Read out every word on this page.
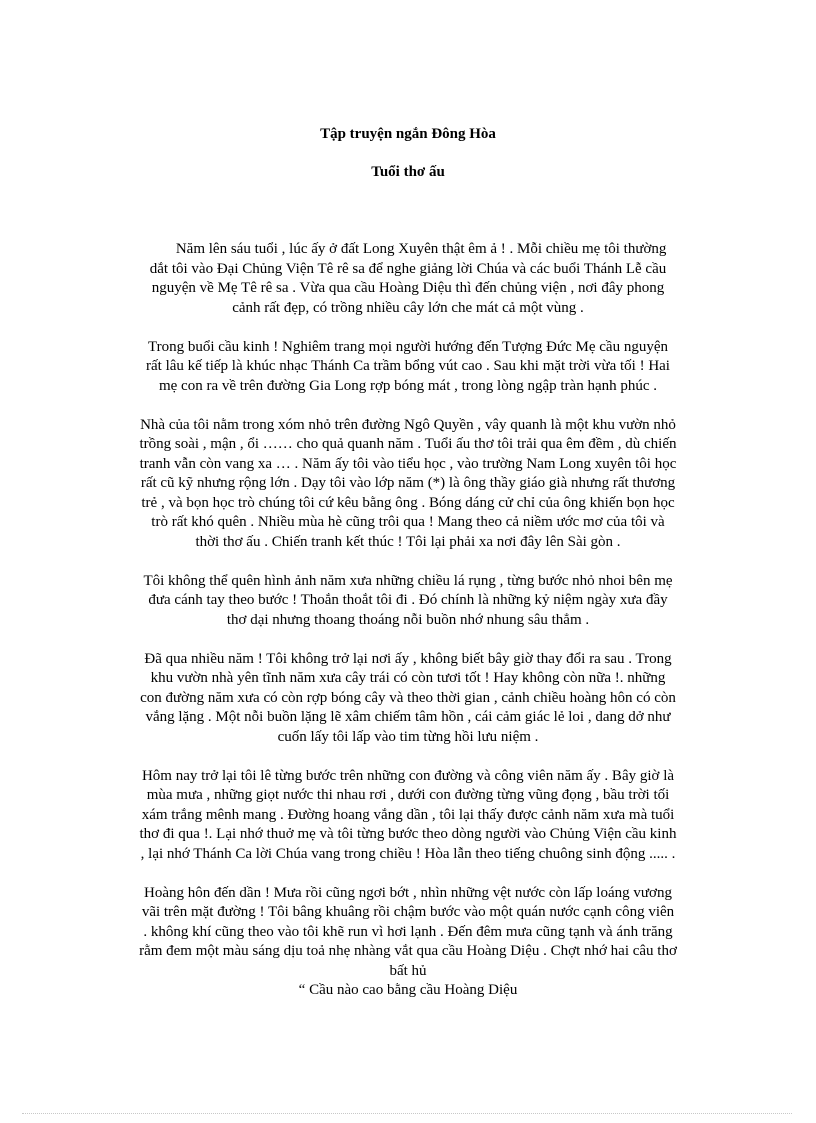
Tập truyện ngắn Đông Hòa
Tuổi thơ ấu
Năm lên sáu tuổi , lúc ấy ở đất Long Xuyên thật êm ả ! . Mỗi chiều mẹ tôi thường
dắt tôi vào Đại Chủng Viện Tê rê sa để nghe giảng lời Chúa và các buổi Thánh Lễ cầu
nguyện về Mẹ Tê rê sa . Vừa qua cầu Hoàng Diệu thì đến chủng viện , nơi đây phong
cảnh rất đẹp, có trồng nhiều cây lớn che mát cả một vùng .
Trong buổi cầu kinh ! Nghiêm trang mọi người hướng đến Tượng Đức Mẹ cầu nguyện
rất lâu kế tiếp là khúc nhạc Thánh Ca trầm bổng vút cao . Sau khi mặt trời vừa tối ! Hai
mẹ con ra về trên đường Gia Long rợp bóng mát , trong lòng ngập tràn hạnh phúc .
Nhà của tôi nằm trong xóm nhỏ trên đường Ngô Quyền , vây quanh là một khu vườn nhỏ
trồng soài , mận , ổi …… cho quả quanh năm . Tuổi ấu thơ tôi trải qua êm đềm , dù chiến
tranh vẫn còn vang xa … . Năm ấy tôi vào tiểu học , vào trường Nam Long xuyên tôi học
rất cũ kỹ nhưng rộng lớn . Dạy tôi vào lớp năm (*) là ông thầy giáo già nhưng rất thương
trẻ , và bọn học trò chúng tôi cứ kêu bằng ông . Bóng dáng cử chỉ của ông khiến bọn học
trò rất khó quên . Nhiều mùa hè cũng trôi qua ! Mang theo cả niềm ước mơ của tôi và
thời thơ ấu . Chiến tranh kết thúc ! Tôi lại phải xa nơi đây lên Sài gòn .
Tôi không thể quên hình ảnh năm xưa những chiều lá rụng , từng bước nhỏ nhoi bên mẹ
đưa cánh tay theo bước ! Thoắn thoắt tôi đi . Đó chính là những kỷ niệm ngày xưa đầy
thơ dại nhưng thoang thoáng nỗi buồn nhớ nhung sâu thẳm .
Đã qua nhiều năm ! Tôi không trở lại nơi ấy , không biết bây giờ thay đổi ra sau . Trong
khu vườn nhà yên tĩnh năm xưa cây trái có còn tươi tốt ! Hay không còn nữa !. những
con đường năm xưa có còn rợp bóng cây và theo thời gian , cảnh chiều hoàng hôn có còn
vắng lặng . Một nỗi buồn lặng lẽ xâm chiếm tâm hồn , cái cảm giác lẻ loi , dang dở như
cuốn lấy tôi lấp vào tim từng hồi lưu niệm .
Hôm nay trở lại tôi lê từng bước trên những con đường và công viên năm ấy . Bây giờ là
mùa mưa , những giọt nước thi nhau rơi , dưới con đường từng vũng đọng , bầu trời tối
xám trắng mênh mang . Đường hoang vắng dần , tôi lại thấy được cảnh năm xưa mà tuổi
thơ đi qua !. Lại nhớ thuở mẹ và tôi từng bước theo dòng người vào Chủng Viện cầu kinh
, lại nhớ Thánh Ca lời Chúa vang trong chiều ! Hòa lẫn theo tiếng chuông sinh động ..... .
Hoàng hôn đến dần ! Mưa rồi cũng ngơi bớt , nhìn những vệt nước còn lấp loáng vương
vãi trên mặt đường ! Tôi bâng khuâng rồi chậm bước vào một quán nước cạnh công viên
. không khí cũng theo vào tôi khẽ run vì hơi lạnh . Đến đêm mưa cũng tạnh và ánh trăng
rằm đem một màu sáng dịu toả nhẹ nhàng vắt qua cầu Hoàng Diệu . Chợt nhớ hai câu thơ
bất hủ
“ Cầu nào cao bằng cầu Hoàng Diệu
